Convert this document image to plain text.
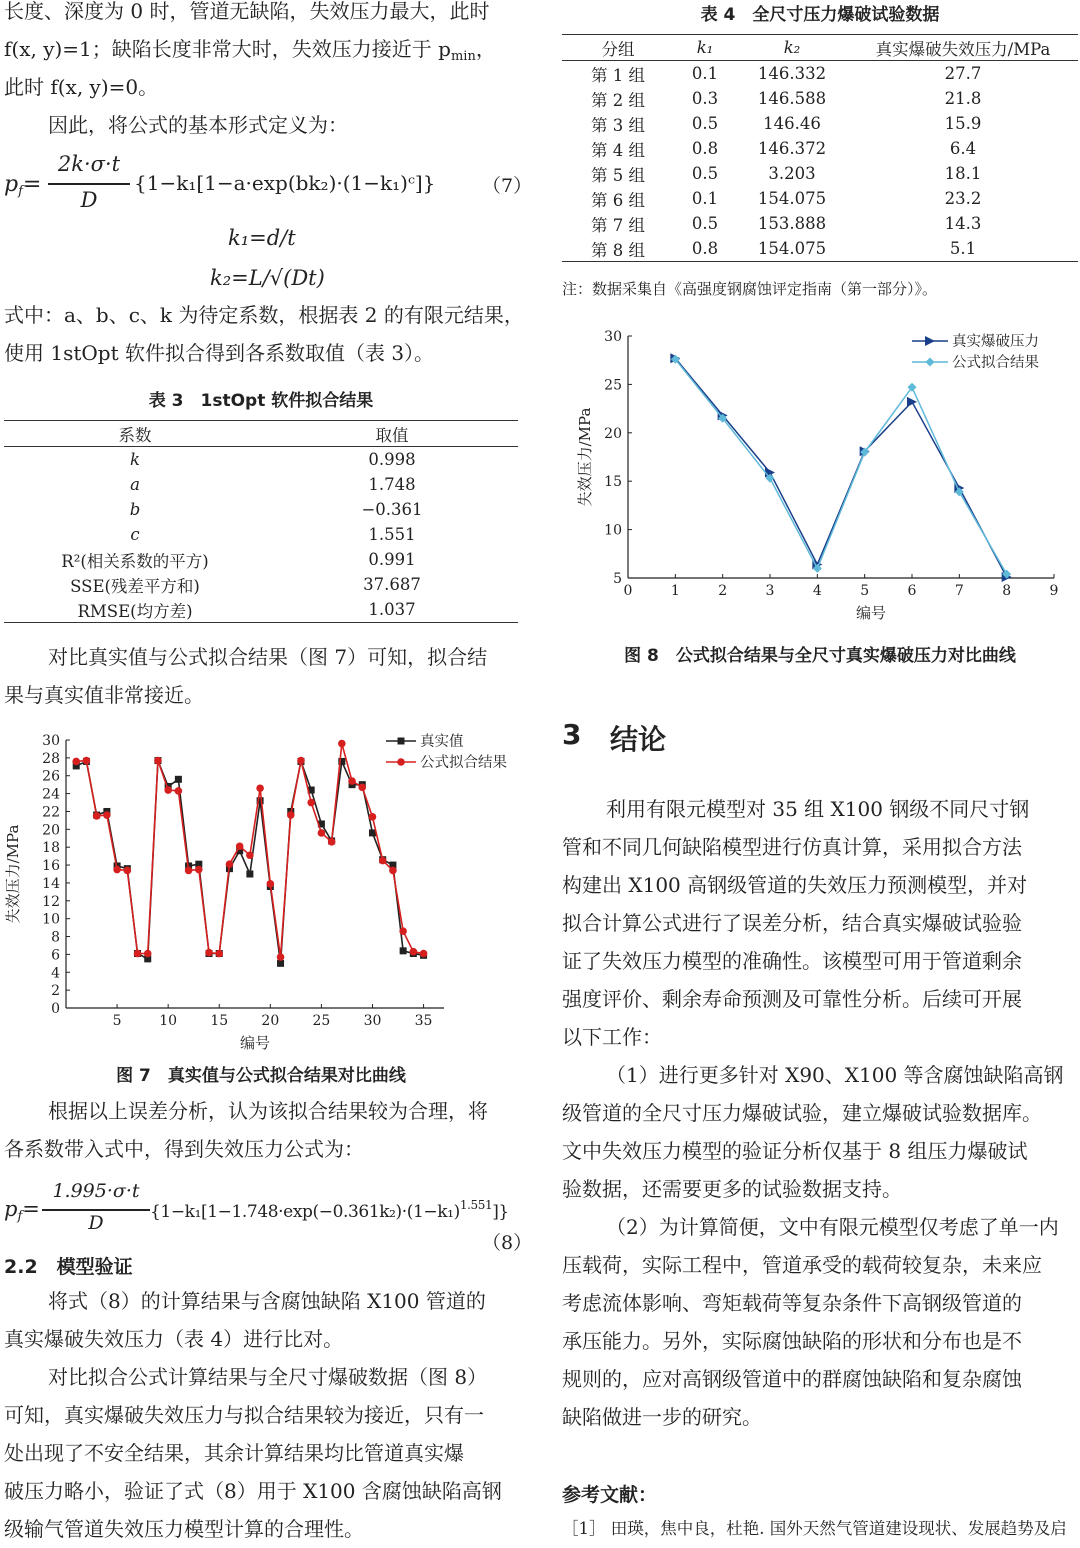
长度、深度为 0 时，管道无缺陷，失效压力最大，此时
f(x, y)=1；缺陷长度非常大时，失效压力接近于 $p_{min}$，
此时 f(x, y)=0。
因此，将公式的基本形式定义为：
$p_f=$
2k·σ·t
D
{1−k₁[1−a·exp(bk₂)·(1−k₁)ᶜ]} （7）
k₁=d/t
k₂=L/√(Dt)
式中：a、b、c、k 为待定系数，根据表 2 的有限元结果，
使用 1stOpt 软件拟合得到各系数取值（表 3）。
表 3　1stOpt 软件拟合结果
系数	取值
k	0.998
a	1.748
b	−0.361
c	1.551
R²(相关系数的平方)	0.991
SSE(残差平方和)	37.687
RMSE(均方差)	1.037
对比真实值与公式拟合结果（图 7）可知，拟合结
果与真实值非常接近。
0
2
4
6
8
10
12
14
16
18
20
22
24
26
28
30
5	10 15 20 25 30 35
编号
失效压力/MPa
真实值
公式拟合结果
图 7　真实值与公式拟合结果对比曲线
根据以上误差分析，认为该拟合结果较为合理，将
各系数带入式中，得到失效压力公式为：
$p_f=$
1.995·σ·t
D	$\{1-k_1[1-1.748\cdot\exp(-0.361k_2)\cdot(1-k_1)^{1.551}]\}$
（8）
2.2　模型验证
将式（8）的计算结果与含腐蚀缺陷 X100 管道的
真实爆破失效压力（表 4）进行比对。
对比拟合公式计算结果与全尺寸爆破数据（图 8）
可知，真实爆破失效压力与拟合结果较为接近，只有一
处出现了不安全结果，其余计算结果均比管道真实爆
破压力略小，验证了式（8）用于 X100 含腐蚀缺陷高钢
级输气管道失效压力模型计算的合理性。
表 4　全尺寸压力爆破试验数据
分组	k₁	k₂	真实爆破失效压力/MPa
第 1 组	0.1	146.332	27.7
第 2 组	0.3	146.588	21.8
第 3 组	0.5	146.46	15.9
第 4 组	0.8	146.372	6.4
第 5 组	0.5	3.203	18.1
第 6 组	0.1	154.075	23.2
第 7 组	0.5	153.888	14.3
第 8 组	0.8	154.075	5.1
注：数据采集自《高强度钢腐蚀评定指南（第一部分）》。
5
10
15
20
25
30
0	1	2	3	4	5	6	7	8	9
编号
失效压力/MPa
真实爆破压力
公式拟合结果
图 8　公式拟合结果与全尺寸真实爆破压力对比曲线
3 结论
利用有限元模型对 35 组 X100 钢级不同尺寸钢
管和不同几何缺陷模型进行仿真计算，采用拟合方法
构建出 X100 高钢级管道的失效压力预测模型，并对
拟合计算公式进行了误差分析，结合真实爆破试验验
证了失效压力模型的准确性。该模型可用于管道剩余
强度评价、剩余寿命预测及可靠性分析。后续可开展
以下工作：
（1）进行更多针对 X90、X100 等含腐蚀缺陷高钢
级管道的全尺寸压力爆破试验，建立爆破试验数据库。
文中失效压力模型的验证分析仅基于 8 组压力爆破试
验数据，还需要更多的试验数据支持。
（2）为计算简便，文中有限元模型仅考虑了单一内
压载荷，实际工程中，管道承受的载荷较复杂，未来应
考虑流体影响、弯矩载荷等复杂条件下高钢级管道的
承压能力。另外，实际腐蚀缺陷的形状和分布也是不
规则的，应对高钢级管道中的群腐蚀缺陷和复杂腐蚀
缺陷做进一步的研究。
参考文献：
［1］ 田瑛，焦中良，杜艳. 国外天然气管道建设现状、发展趋势及启
